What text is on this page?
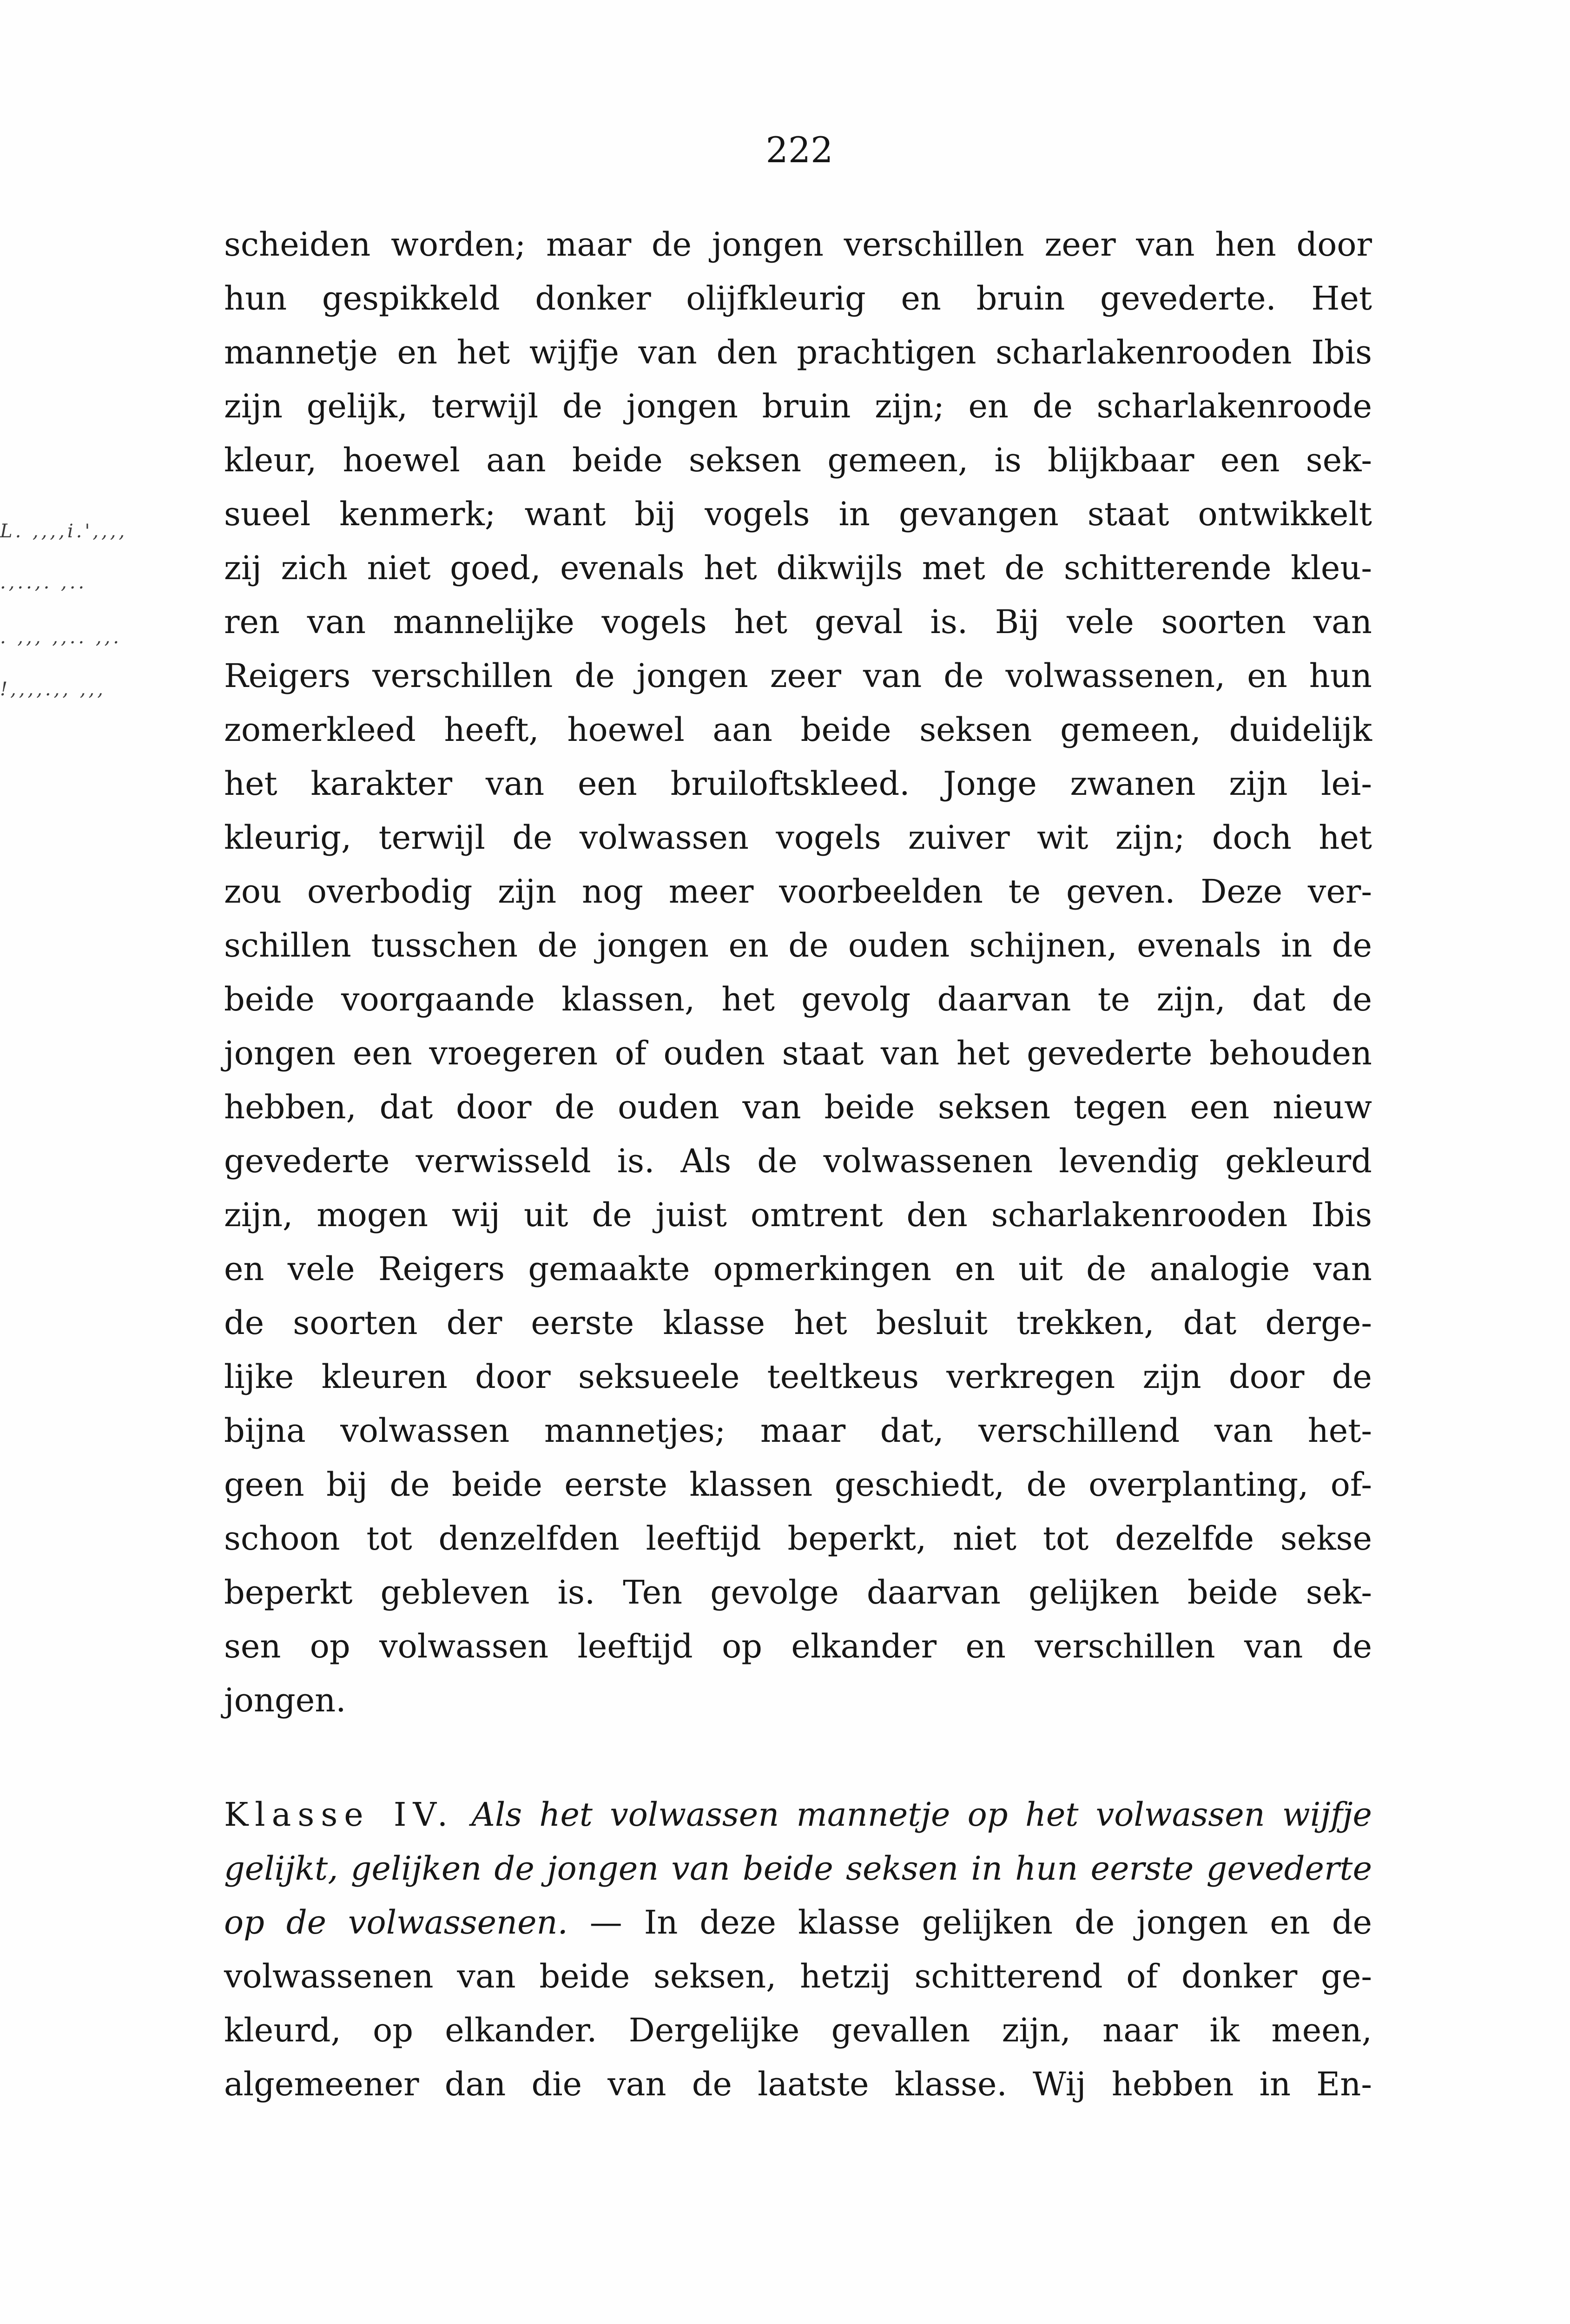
222
L. ,,,,i.',,,,
.,..,. ,..
. ,,, ,,.. ,,.
!,,,,.,, ,,,
scheiden worden; maar de jongen verschillen zeer van hen door
hun gespikkeld donker olijfkleurig en bruin gevederte. Het
mannetje en het wijfje van den prachtigen scharlakenrooden Ibis
zijn gelijk, terwijl de jongen bruin zijn; en de scharlakenroode
kleur, hoewel aan beide seksen gemeen, is blijkbaar een sek-
sueel kenmerk; want bij vogels in gevangen staat ontwikkelt
zij zich niet goed, evenals het dikwijls met de schitterende kleu-
ren van mannelijke vogels het geval is. Bij vele soorten van
Reigers verschillen de jongen zeer van de volwassenen, en hun
zomerkleed heeft, hoewel aan beide seksen gemeen, duidelijk
het karakter van een bruiloftskleed. Jonge zwanen zijn lei-
kleurig, terwijl de volwassen vogels zuiver wit zijn; doch het
zou overbodig zijn nog meer voorbeelden te geven. Deze ver-
schillen tusschen de jongen en de ouden schijnen, evenals in de
beide voorgaande klassen, het gevolg daarvan te zijn, dat de
jongen een vroegeren of ouden staat van het gevederte behouden
hebben, dat door de ouden van beide seksen tegen een nieuw
gevederte verwisseld is. Als de volwassenen levendig gekleurd
zijn, mogen wij uit de juist omtrent den scharlakenrooden Ibis
en vele Reigers gemaakte opmerkingen en uit de analogie van
de soorten der eerste klasse het besluit trekken, dat derge-
lijke kleuren door seksueele teeltkeus verkregen zijn door de
bijna volwassen mannetjes; maar dat, verschillend van het-
geen bij de beide eerste klassen geschiedt, de overplanting, of-
schoon tot denzelfden leeftijd beperkt, niet tot dezelfde sekse
beperkt gebleven is. Ten gevolge daarvan gelijken beide sek-
sen op volwassen leeftijd op elkander en verschillen van de
jongen.
Klasse IV. Als het volwassen mannetje op het volwassen wijfje
gelijkt, gelijken de jongen van beide seksen in hun eerste gevederte
op de volwassenen. — In deze klasse gelijken de jongen en de
volwassenen van beide seksen, hetzij schitterend of donker ge-
kleurd, op elkander. Dergelijke gevallen zijn, naar ik meen,
algemeener dan die van de laatste klasse. Wij hebben in En-
